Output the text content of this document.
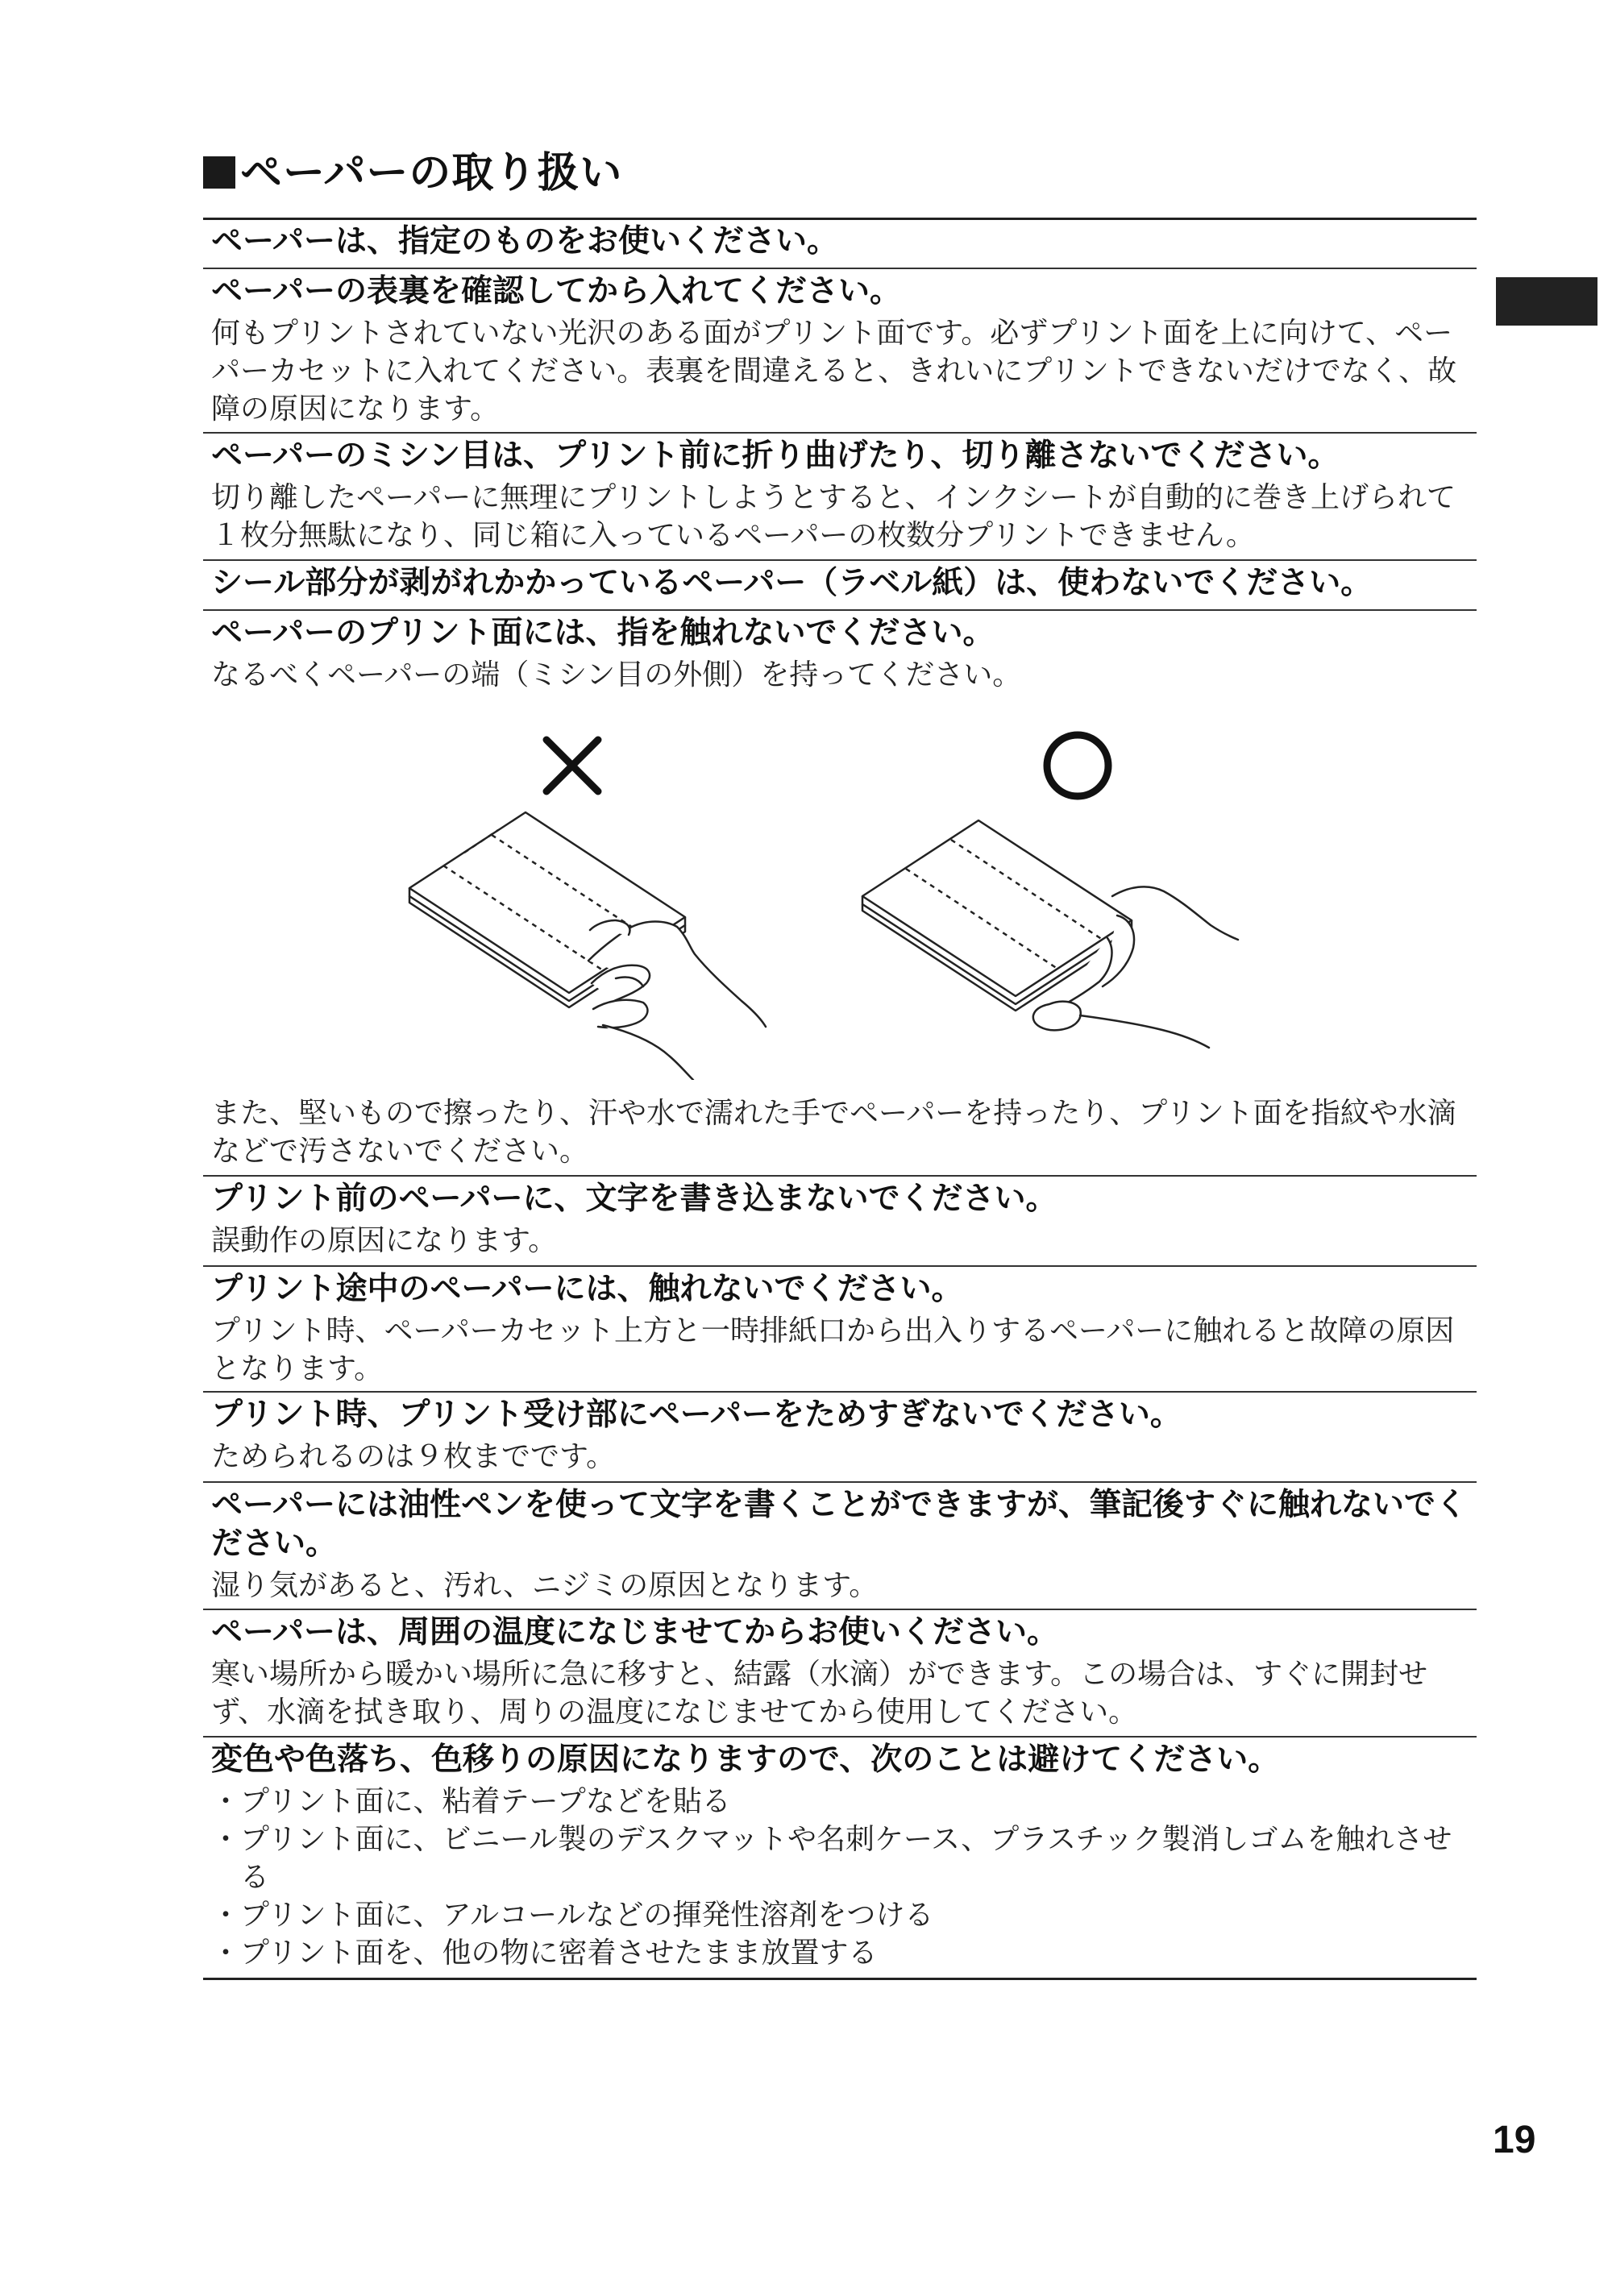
ペーパーの取り扱い
ペーパーは、指定のものをお使いください。
ペーパーの表裏を確認してから入れてください。
何もプリントされていない光沢のある面がプリント面です。必ずプリント面を上に向けて、ペーパーカセットに入れてください。表裏を間違えると、きれいにプリントできないだけでなく、故障の原因になります。
ペーパーのミシン目は、プリント前に折り曲げたり、切り離さないでください。
切り離したペーパーに無理にプリントしようとすると、インクシートが自動的に巻き上げられて１枚分無駄になり、同じ箱に入っているペーパーの枚数分プリントできません。
シール部分が剥がれかかっているペーパー（ラベル紙）は、使わないでください。
ペーパーのプリント面には、指を触れないでください。
なるべくペーパーの端（ミシン目の外側）を持ってください。
また、堅いもので擦ったり、汗や水で濡れた手でペーパーを持ったり、プリント面を指紋や水滴などで汚さないでください。
プリント前のペーパーに、文字を書き込まないでください。
誤動作の原因になります。
プリント途中のペーパーには、触れないでください。
プリント時、ペーパーカセット上方と一時排紙口から出入りするペーパーに触れると故障の原因となります。
プリント時、プリント受け部にペーパーをためすぎないでください。
ためられるのは９枚までです。
ペーパーには油性ペンを使って文字を書くことができますが、筆記後すぐに触れないでください。
湿り気があると、汚れ、ニジミの原因となります。
ペーパーは、周囲の温度になじませてからお使いください。
寒い場所から暖かい場所に急に移すと、結露（水滴）ができます。この場合は、すぐに開封せず、水滴を拭き取り、周りの温度になじませてから使用してください。
変色や色落ち、色移りの原因になりますので、次のことは避けてください。
・プリント面に、粘着テープなどを貼る
・プリント面に、ビニール製のデスクマットや名刺ケース、プラスチック製消しゴムを触れさせる
・プリント面に、アルコールなどの揮発性溶剤をつける
・プリント面を、他の物に密着させたまま放置する
19
